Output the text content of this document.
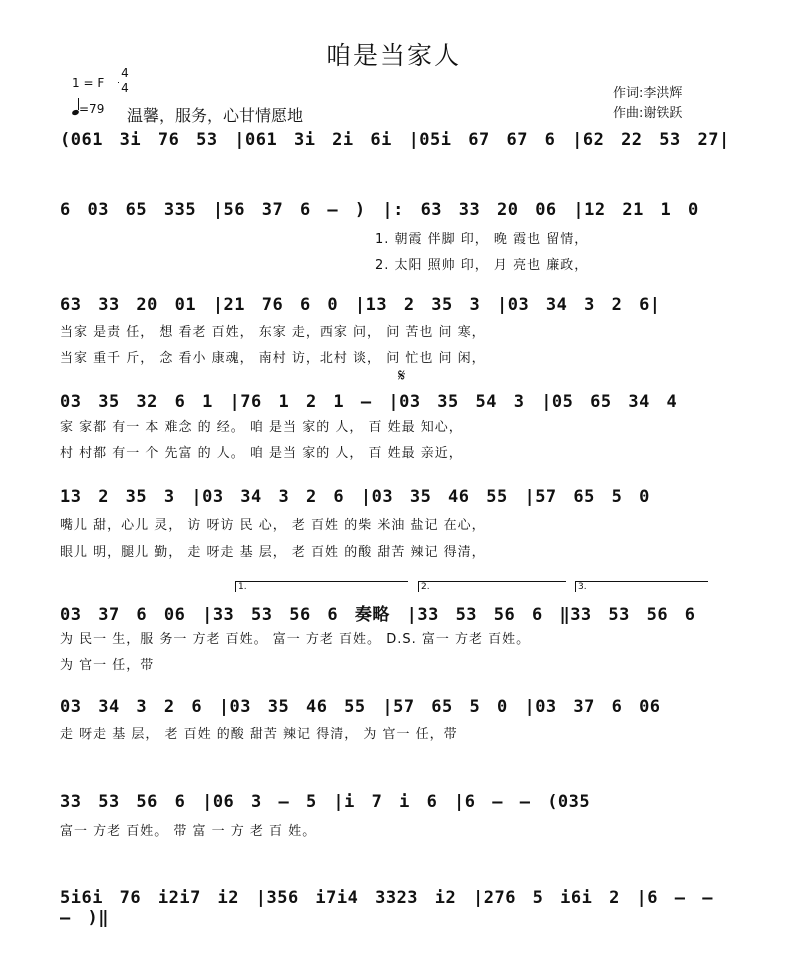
咱是当家人
1 = F
4
4
=79 温馨，服务，心甘情愿地
作词:李洪辉
作曲:谢铁跃
(061 3i 76 53 |061 3i 2i 6i |05i 67 67 6 |62 22 53 27|
6 03 65 335 |56 37 6 – ) |: 63 33 20 06 |12 21 1 0
1. 朝霞 伴脚 印， 晚 霞也 留情，
2. 太阳 照帅 印， 月 亮也 廉政，
63 33 20 01 |21 76 6 0 |13 2 35 3 |03 34 3 2 6|
当家 是责 任， 想 看老 百姓， 东家 走，西家 问， 问 苦也 问 寒，
当家 重千 斤， 念 看小 康魂， 南村 访，北村 谈， 问 忙也 问 闲，
𝄋
03 35 32 6 1 |76 1 2 1 – |03 35 54 3 |05 65 34 4
家 家都 有一 本 难念 的 经。 咱 是当 家的 人， 百 姓最 知心，
村 村都 有一 个 先富 的 人。 咱 是当 家的 人， 百 姓最 亲近，
13 2 35 3 |03 34 3 2 6 |03 35 46 55 |57 65 5 0
嘴儿 甜，心儿 灵， 访 呀访 民 心， 老 百姓 的柴 米油 盐记 在心，
眼儿 明，腿儿 勤， 走 呀走 基 层， 老 百姓 的酸 甜苦 辣记 得清，
1.	2.	3.
03 37 6 06 |33 53 56 6 奏略 |33 53 56 6 ‖33 53 56 6
为 民一 生，服 务一 方老 百姓。 富一 方老 百姓。 D.S. 富一 方老 百姓。
为 官一 任，带
03 34 3 2 6 |03 35 46 55 |57 65 5 0 |03 37 6 06
走 呀走 基 层， 老 百姓 的酸 甜苦 辣记 得清， 为 官一 任，带
33 53 56 6 |06 3 – 5 |i 7 i 6 |6 – – (035
富一 方老 百姓。 带 富 一 方 老 百 姓。
5i6i 76 i2i7 i2 |356 i7i4 3323 i2 |276 5 i6i 2 |6 – – – )‖
